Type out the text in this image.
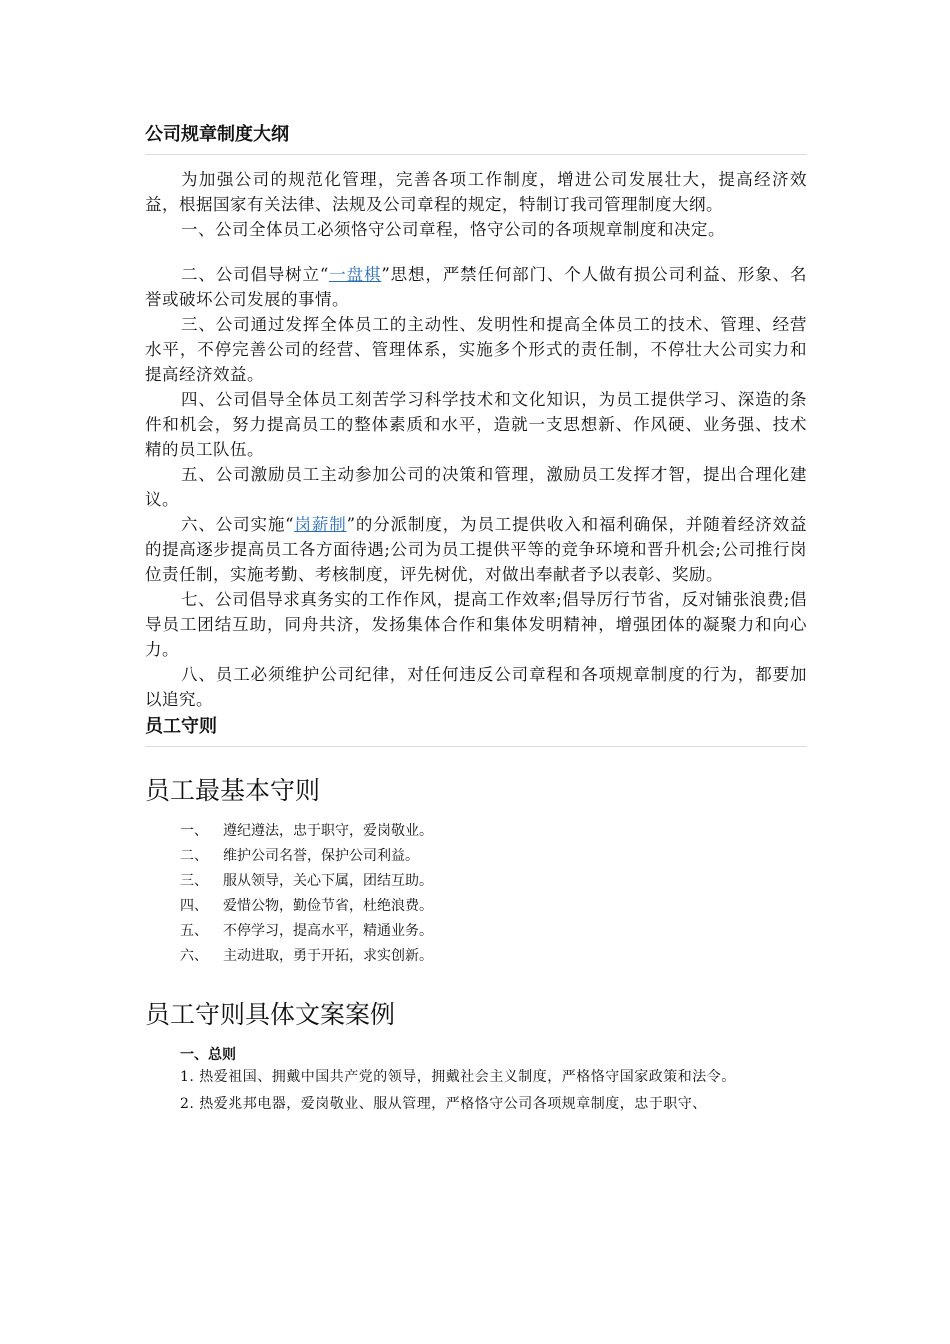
公司规章制度大纲

为加强公司的规范化管理，完善各项工作制度，增进公司发展壮大，提高经济效益，根据国家有关法律、法规及公司章程的规定，特制订我司管理制度大纲。

一、公司全体员工必须恪守公司章程，恪守公司的各项规章制度和决定。

二、公司倡导树立“一盘棋”思想，严禁任何部门、个人做有损公司利益、形象、名誉或破坏公司发展的事情。

三、公司通过发挥全体员工的主动性、发明性和提高全体员工的技术、管理、经营水平，不停完善公司的经营、管理体系，实施多个形式的责任制，不停壮大公司实力和提高经济效益。

四、公司倡导全体员工刻苦学习科学技术和文化知识，为员工提供学习、深造的条件和机会，努力提高员工的整体素质和水平，造就一支思想新、作风硬、业务强、技术精的员工队伍。

五、公司激励员工主动参加公司的决策和管理，激励员工发挥才智，提出合理化建议。

六、公司实施“岗薪制”的分派制度，为员工提供收入和福利确保，并随着经济效益的提高逐步提高员工各方面待遇;公司为员工提供平等的竞争环境和晋升机会;公司推行岗位责任制，实施考勤、考核制度，评先树优，对做出奉献者予以表彰、奖励。

七、公司倡导求真务实的工作作风，提高工作效率;倡导厉行节省，反对铺张浪费;倡导员工团结互助，同舟共济，发扬集体合作和集体发明精神，增强团体的凝聚力和向心力。

八、员工必须维护公司纪律，对任何违反公司章程和各项规章制度的行为，都要加以追究。

员工守则
员工最基本守则
一、	遵纪遵法，忠于职守，爱岗敬业。
二、	维护公司名誉，保护公司利益。
三、	服从领导，关心下属，团结互助。
四、	爱惜公物，勤俭节省，杜绝浪费。
五、	不停学习，提高水平，精通业务。
六、	主动进取，勇于开拓，求实创新。
员工守则具体文案案例
一、总则

1. 热爱祖国、拥戴中国共产党的领导，拥戴社会主义制度，严格恪守国家政策和法令。

2. 热爱兆邦电器，爱岗敬业、服从管理，严格恪守公司各项规章制度，忠于职守、
